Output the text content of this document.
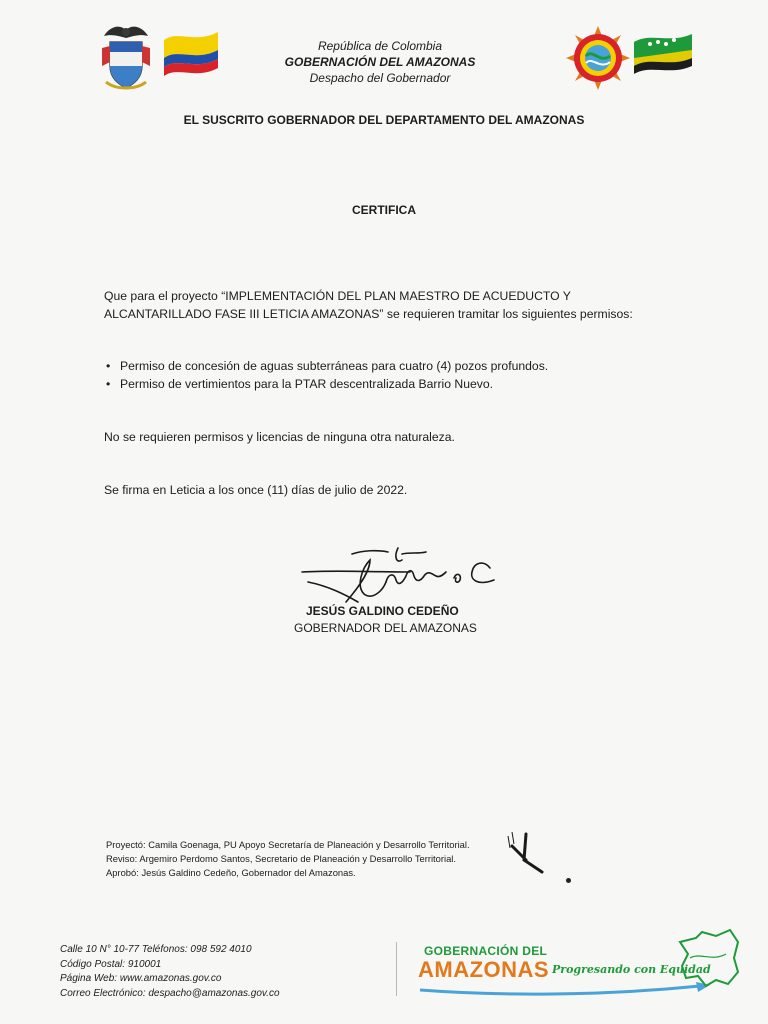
República de Colombia
GOBERNACIÓN DEL AMAZONAS
Despacho del Gobernador
EL SUSCRITO GOBERNADOR DEL DEPARTAMENTO DEL AMAZONAS
CERTIFICA
Que para el proyecto “IMPLEMENTACIÓN DEL PLAN MAESTRO DE ACUEDUCTO Y ALCANTARILLADO FASE III LETICIA AMAZONAS” se requieren tramitar los siguientes permisos:
• Permiso de concesión de aguas subterráneas para cuatro (4) pozos profundos.
• Permiso de vertimientos para la PTAR descentralizada Barrio Nuevo.
No se requieren permisos y licencias de ninguna otra naturaleza.
Se firma en Leticia a los once (11) días de julio de 2022.
JESÚS GALDINO CEDEÑO
GOBERNADOR DEL AMAZONAS
Proyectó: Camila Goenaga, PU Apoyo Secretaría de Planeación y Desarrollo Territorial.
Reviso: Argemiro Perdomo Santos, Secretario de Planeación y Desarrollo Territorial.
Aprobó: Jesús Galdino Cedeño, Gobernador del Amazonas.
Calle 10 N° 10-77 Teléfonos: 098 592 4010
Código Postal: 910001
Página Web: www.amazonas.gov.co
Correo Electrónico: despacho@amazonas.gov.co
GOBERNACIÓN DEL
AMAZONAS Progresando con Equidad
